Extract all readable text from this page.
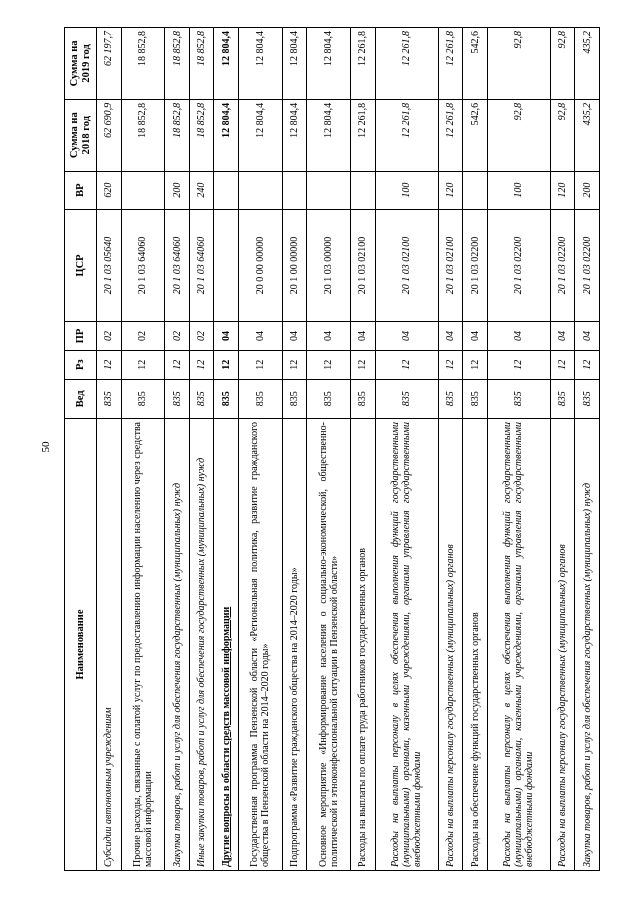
50
Наименование	Вед	Рз	ПР	ЦСР	ВР	Сумма на 2018 год	Сумма на 2019 год
Субсидии автономным учреждениям	835	12	02	20 1 03 05640	620	62 690,9	62 197,7
Прочие расходы, связанные с оплатой услуг по предоставлению информации населению через средства массовой информации	835	12	02	20 1 03 64060		18 852,8	18 852,8
Закупка товаров, работ и услуг для обеспечения государственных (муниципальных) нужд	835	12	02	20 1 03 64060	200	18 852,8	18 852,8
Иные закупки товаров, работ и услуг для обеспечения государственных (муниципальных) нужд	835	12	02	20 1 03 64060	240	18 852,8	18 852,8
Другие вопросы в области средств массовой информации	835	12	04			12 804,4	12 804,4
Государственная программа Пензенской области «Региональная политика, развитие гражданского общества в Пензенской области на 2014–2020 годы»	835	12	04	20 0 00 00000		12 804,4	12 804,4
Подпрограмма «Развитие гражданского общества на 2014–2020 годы»	835	12	04	20 1 00 00000		12 804,4	12 804,4
Основное мероприятие «Информирование населения о социально-экономической, общественно-политической и этноконфессиональной ситуации в Пензенской области»	835	12	04	20 1 03 00000		12 804,4	12 804,4
Расходы на выплаты по оплате труда работников государственных органов	835	12	04	20 1 03 02100		12 261,8	12 261,8
Расходы на выплаты персоналу в целях обеспечения выполнения функций государственными (муниципальными) органами, казенными учреждениями, органами управления государственными внебюджетными фондами	835	12	04	20 1 03 02100	100	12 261,8	12 261,8
Расходы на выплаты персоналу государственных (муниципальных) органов	835	12	04	20 1 03 02100	120	12 261,8	12 261,8
Расходы на обеспечение функций государственных органов	835	12	04	20 1 03 02200		542,6	542,6
Расходы на выплаты персоналу в целях обеспечения выполнения функций государственными (муниципальными) органами, казенными учреждениями, органами управления государственными внебюджетными фондами	835	12	04	20 1 03 02200	100	92,8	92,8
Расходы на выплаты персоналу государственных (муниципальных) органов	835	12	04	20 1 03 02200	120	92,8	92,8
Закупка товаров, работ и услуг для обеспечения государственных (муниципальных) нужд	835	12	04	20 1 03 02200	200	435,2	435,2
